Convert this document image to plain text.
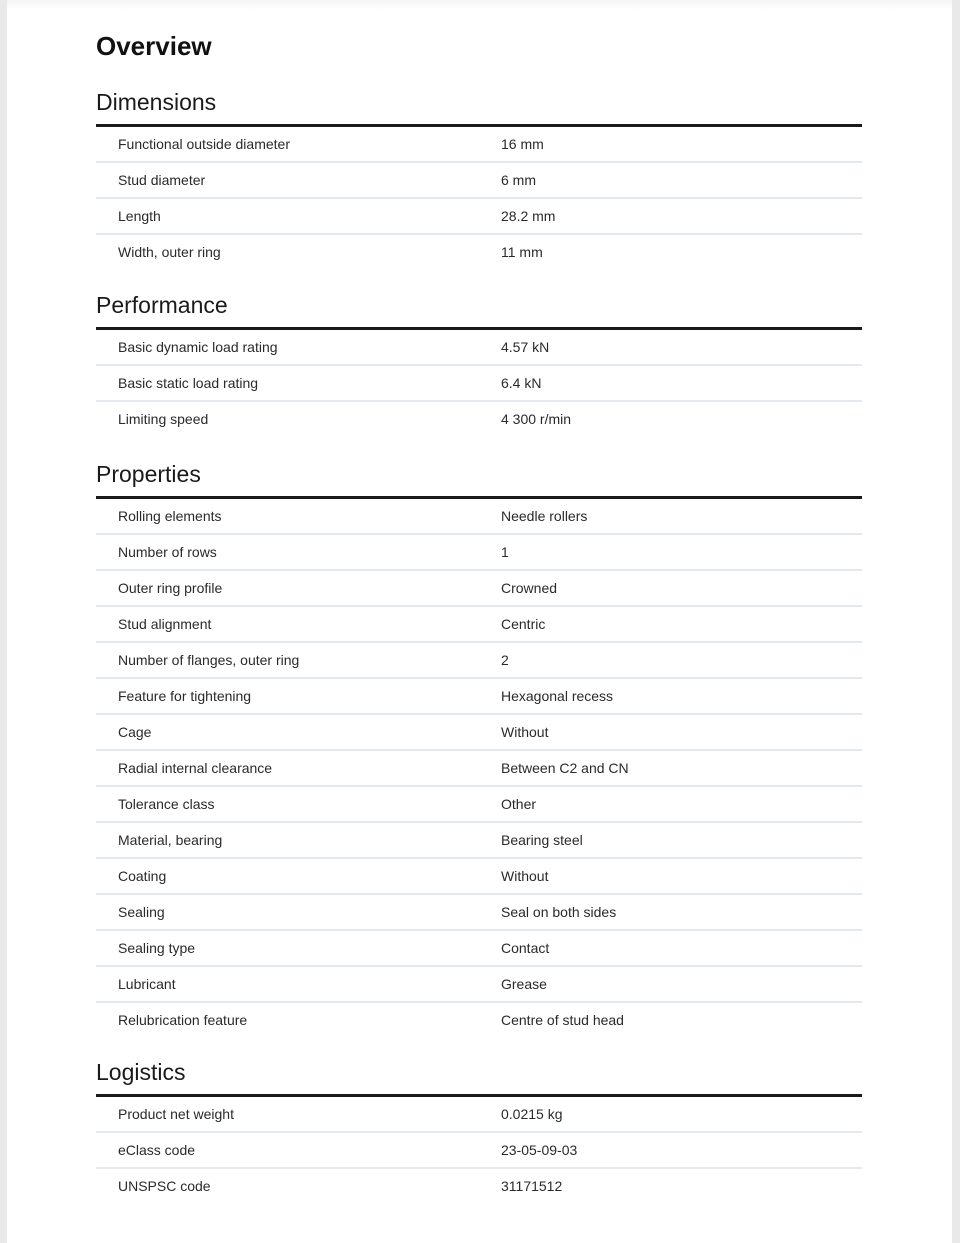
Overview
Dimensions
Functional outside diameter	16 mm
Stud diameter	6 mm
Length	28.2 mm
Width, outer ring	11 mm
Performance
Basic dynamic load rating	4.57 kN
Basic static load rating	6.4 kN
Limiting speed	4 300 r/min
Properties
Rolling elements	Needle rollers
Number of rows	1
Outer ring profile	Crowned
Stud alignment	Centric
Number of flanges, outer ring	2
Feature for tightening	Hexagonal recess
Cage	Without
Radial internal clearance	Between C2 and CN
Tolerance class	Other
Material, bearing	Bearing steel
Coating	Without
Sealing	Seal on both sides
Sealing type	Contact
Lubricant	Grease
Relubrication feature	Centre of stud head
Logistics
Product net weight	0.0215 kg
eClass code	23-05-09-03
UNSPSC code	31171512
